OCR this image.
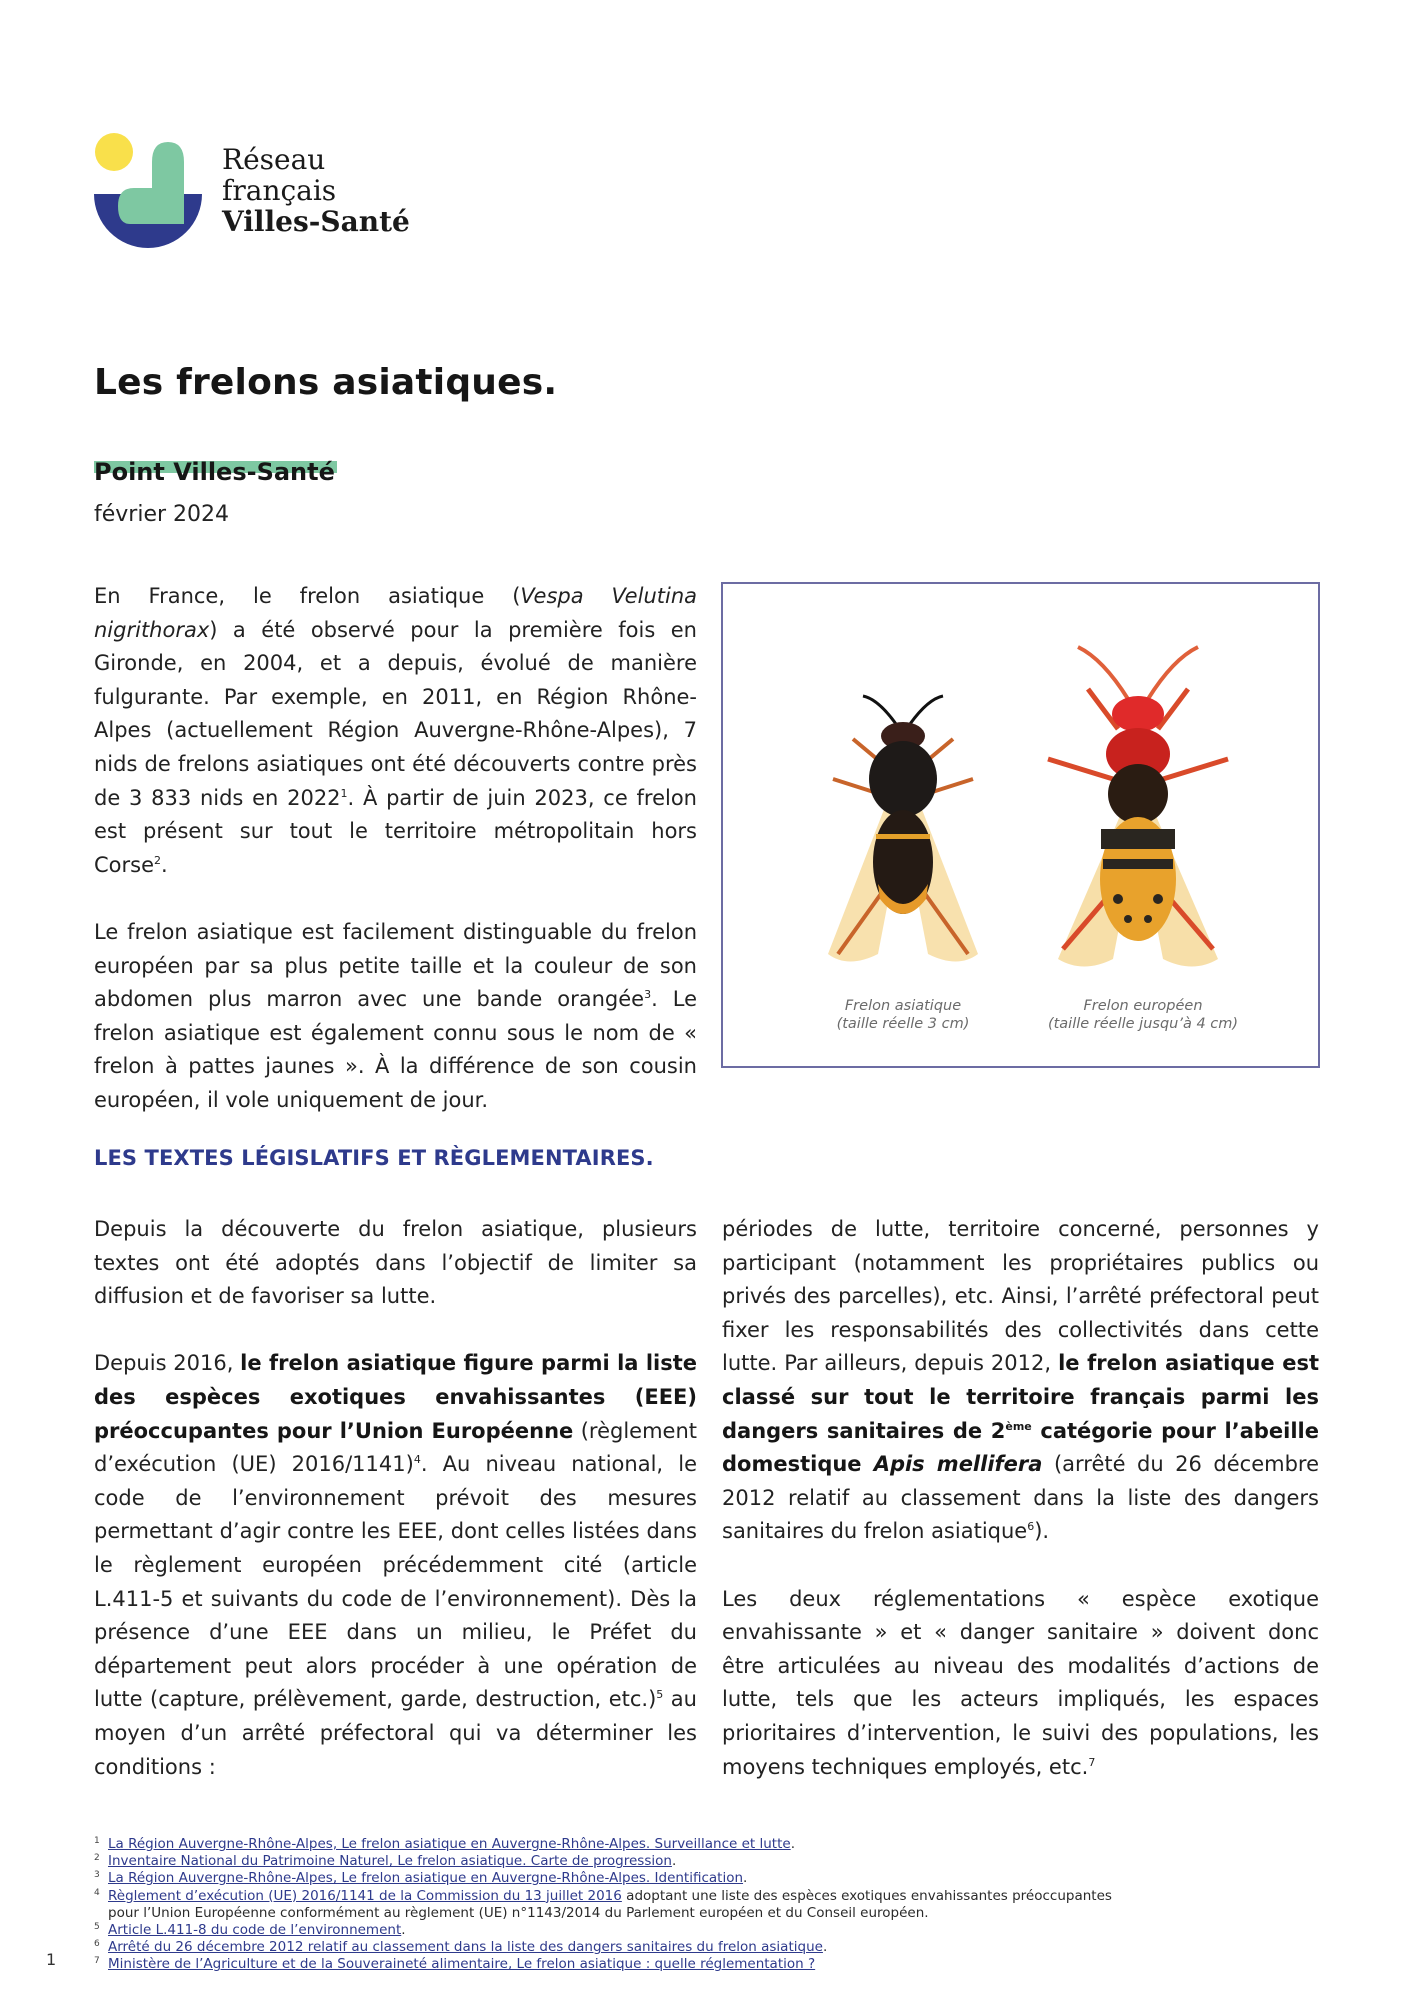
Réseau
français
Villes-Santé
Les frelons asiatiques.
Point Villes-Santé
février 2024

En France, le frelon asiatique (Vespa Velutina nigrithorax) a été observé pour la première fois en Gironde, en 2004, et a depuis, évolué de manière fulgurante. Par exemple, en 2011, en Région Rhône-Alpes (actuellement Région Auvergne-Rhône-Alpes), 7 nids de frelons asiatiques ont été découverts contre près de 3 833 nids en 2022$^1$. À partir de juin 2023, ce frelon est présent sur tout le territoire métropolitain hors Corse$^2$.

Le frelon asiatique est facilement distinguable du frelon européen par sa plus petite taille et la couleur de son abdomen plus marron avec une bande orangée$^3$. Le frelon asiatique est également connu sous le nom de « frelon à pattes jaunes ». À la différence de son cousin européen, il vole uniquement de jour.

Frelon asiatique
(taille réelle 3 cm)
Frelon européen
(taille réelle jusqu’à 4 cm)
LES TEXTES LÉGISLATIFS ET RÈGLEMENTAIRES.

Depuis la découverte du frelon asiatique, plusieurs textes ont été adoptés dans l’objectif de limiter sa diffusion et de favoriser sa lutte.

Depuis 2016, le frelon asiatique figure parmi la liste des espèces exotiques envahissantes (EEE) préoccupantes pour l’Union Européenne (règlement d’exécution (UE) 2016/1141)$^4$. Au niveau national, le code de l’environnement prévoit des mesures permettant d’agir contre les EEE, dont celles listées dans le règlement européen précédemment cité (article L.411-5 et suivants du code de l’environnement). Dès la présence d’une EEE dans un milieu, le Préfet du département peut alors procéder à une opération de lutte (capture, prélèvement, garde, destruction, etc.)$^5$ au moyen d’un arrêté préfectoral qui va déterminer les conditions :

périodes de lutte, territoire concerné, personnes y participant (notamment les propriétaires publics ou privés des parcelles), etc. Ainsi, l’arrêté préfectoral peut fixer les responsabilités des collectivités dans cette lutte. Par ailleurs, depuis 2012, le frelon asiatique est classé sur tout le territoire français parmi les dangers sanitaires de 2ème catégorie pour l’abeille domestique Apis mellifera (arrêté du 26 décembre 2012 relatif au classement dans la liste des dangers sanitaires du frelon asiatique$^6$).

Les deux réglementations « espèce exotique envahissante » et « danger sanitaire » doivent donc être articulées au niveau des modalités d’actions de lutte, tels que les acteurs impliqués, les espaces prioritaires d’intervention, le suivi des populations, les moyens techniques employés, etc.$^7$

1 La Région Auvergne-Rhône-Alpes, Le frelon asiatique en Auvergne-Rhône-Alpes. Surveillance et lutte.
2 Inventaire National du Patrimoine Naturel, Le frelon asiatique. Carte de progression.
3 La Région Auvergne-Rhône-Alpes, Le frelon asiatique en Auvergne-Rhône-Alpes. Identification.
4 Règlement d’exécution (UE) 2016/1141 de la Commission du 13 juillet 2016 adoptant une liste des espèces exotiques envahissantes préoccupantes
pour l’Union Européenne conformément au règlement (UE) n°1143/2014 du Parlement européen et du Conseil européen.
5 Article L.411-8 du code de l’environnement.
6 Arrêté du 26 décembre 2012 relatif au classement dans la liste des dangers sanitaires du frelon asiatique.
7 Ministère de l’Agriculture et de la Souveraineté alimentaire, Le frelon asiatique : quelle réglementation ?
1
